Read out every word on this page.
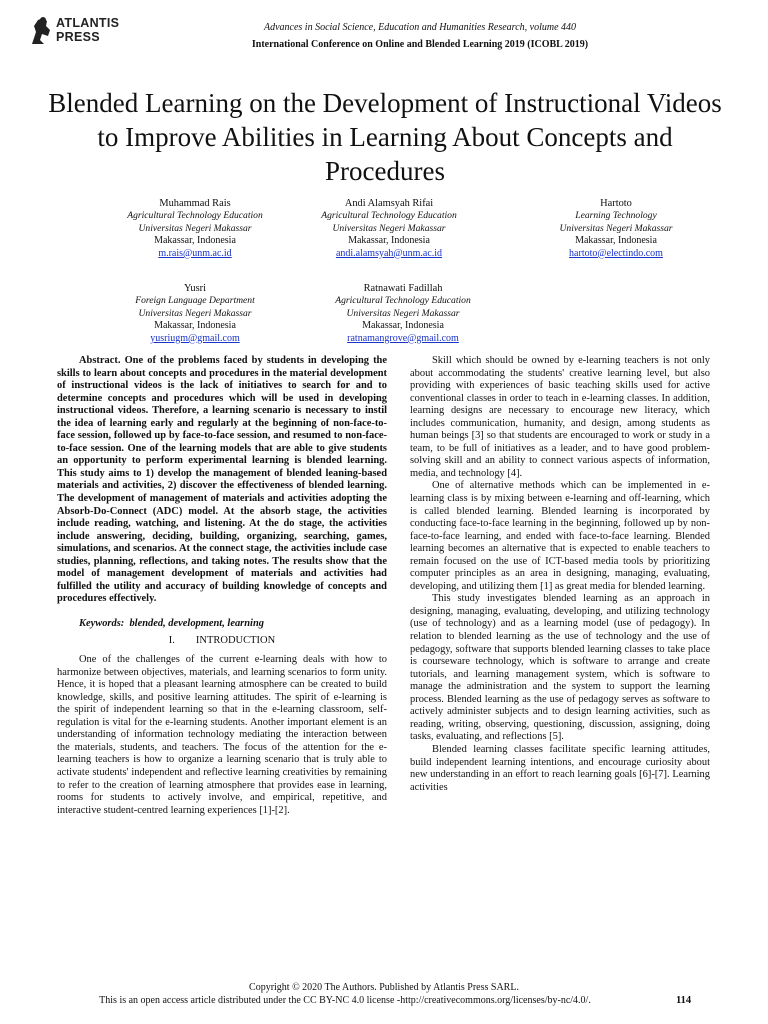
ATLANTIS
PRESS
Advances in Social Science, Education and Humanities Research, volume 440
International Conference on Online and Blended Learning 2019 (ICOBL 2019)
Blended Learning on the Development of Instructional Videos to Improve Abilities in Learning About Concepts and Procedures
Muhammad Rais
Agricultural Technology Education
Universitas Negeri Makassar
Makassar, Indonesia
m.rais@unm.ac.id
Andi Alamsyah Rifai
Agricultural Technology Education
Universitas Negeri Makassar
Makassar, Indonesia
andi.alamsyah@unm.ac.id
Hartoto
Learning Technology
Universitas Negeri Makassar
Makassar, Indonesia
hartoto@electindo.com
Yusri
Foreign Language Department
Universitas Negeri Makassar
Makassar, Indonesia
yusriugm@gmail.com
Ratnawati Fadillah
Agricultural Technology Education
Universitas Negeri Makassar
Makassar, Indonesia
ratnamangrove@gmail.com

Abstract. One of the problems faced by students in developing the skills to learn about concepts and procedures in the material development of instructional videos is the lack of initiatives to search for and to determine concepts and procedures which will be used in developing instructional videos. Therefore, a learning scenario is necessary to instil the idea of learning early and regularly at the beginning of non-face-to-face session, followed up by face-to-face session, and resumed to non-face-to-face session. One of the learning models that are able to give students an opportunity to perform experimental learning is blended learning. This study aims to 1) develop the management of blended leaning-based materials and activities, 2) discover the effectiveness of blended learning. The development of management of materials and activities adopting the Absorb-Do-Connect (ADC) model. At the absorb stage, the activities include reading, watching, and listening. At the do stage, the activities include answering, deciding, building, organizing, searching, games, simulations, and scenarios. At the connect stage, the activities include case studies, planning, reflections, and taking notes. The results show that the model of management development of materials and activities had fulfilled the utility and accuracy of building knowledge of concepts and procedures effectively.

Keywords: blended, development, learning

I.  INTRODUCTION

One of the challenges of the current e-learning deals with how to harmonize between objectives, materials, and learning scenarios to form unity. Hence, it is hoped that a pleasant learning atmosphere can be created to build knowledge, skills, and positive learning attitudes. The spirit of e-learning is the spirit of independent learning so that in the e-learning classroom, self-regulation is vital for the e-learning students. Another important element is an understanding of information technology mediating the interaction between the materials, students, and teachers. The focus of the attention for the e-learning teachers is how to organize a learning scenario that is truly able to activate students' independent and reflective learning creativities by remaining to refer to the creation of learning atmosphere that provides ease in learning, rooms for students to actively involve, and empirical, repetitive, and interactive student-centred learning experiences [1]-[2].

Skill which should be owned by e-learning teachers is not only about accommodating the students' creative learning level, but also providing with experiences of basic teaching skills used for active conventional classes in order to teach in e-learning classes. In addition, learning designs are necessary to encourage new literacy, which includes communication, humanity, and design, among students as human beings [3] so that students are encouraged to work or study in a team, to be full of initiatives as a leader, and to have good problem-solving skill and an ability to connect various aspects of information, media, and technology [4].

One of alternative methods which can be implemented in e-learning class is by mixing between e-learning and off-learning, which is called blended learning. Blended learning is incorporated by conducting face-to-face learning in the beginning, followed up by non-face-to-face learning, and ended with face-to-face learning. Blended learning becomes an alternative that is expected to enable teachers to remain focused on the use of ICT-based media tools by prioritizing computer principles as an area in designing, managing, evaluating, developing, and utilizing them [1] as great media for blended learning.

This study investigates blended learning as an approach in designing, managing, evaluating, developing, and utilizing technology (use of technology) and as a learning model (use of pedagogy). In relation to blended learning as the use of technology and the use of pedagogy, software that supports blended learning classes to take place is courseware technology, which is software to arrange and create tutorials, and learning management system, which is software to manage the administration and the system to support the learning process. Blended learning as the use of pedagogy serves as software to actively administer subjects and to design learning activities, such as reading, writing, observing, questioning, discussion, assigning, doing tasks, evaluating, and reflections [5].

Blended learning classes facilitate specific learning attitudes, build independent learning intentions, and encourage curiosity about new understanding in an effort to reach learning goals [6]-[7]. Learning activities

Copyright © 2020 The Authors. Published by Atlantis Press SARL.
This is an open access article distributed under the CC BY-NC 4.0 license -http://creativecommons.org/licenses/by-nc/4.0/.	114
